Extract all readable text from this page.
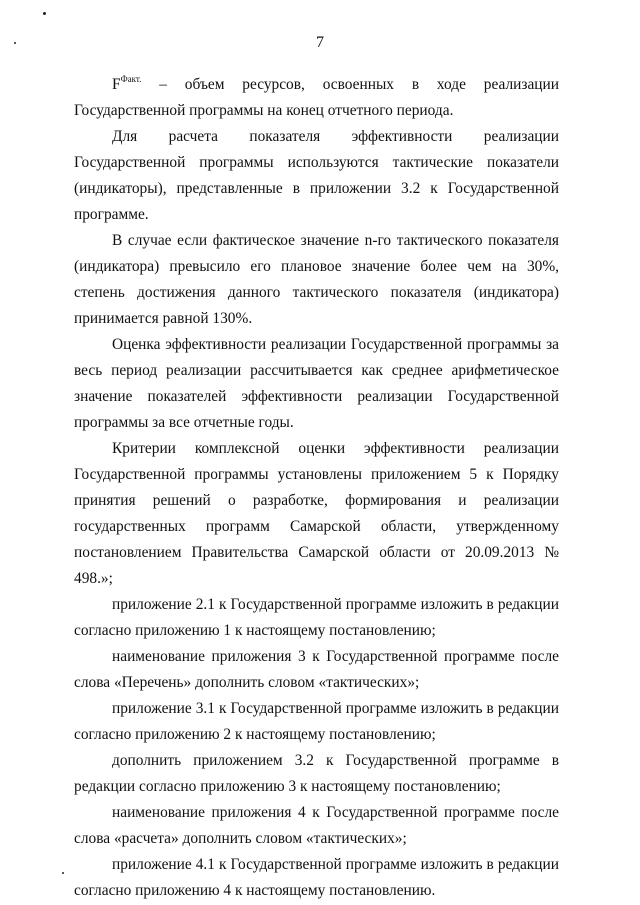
7

$F^{Факт.}$ – объем ресурсов, освоенных в ходе реализации Государственной программы на конец отчетного периода.

Для расчета показателя эффективности реализации Государственной программы используются тактические показатели (индикаторы), представленные в приложении 3.2 к Государственной программе.

В случае если фактическое значение n-го тактического показателя (индикатора) превысило его плановое значение более чем на 30%, степень достижения данного тактического показателя (индикатора) принимается равной 130%.

Оценка эффективности реализации Государственной программы за весь период реализации рассчитывается как среднее арифметическое значение показателей эффективности реализации Государственной программы за все отчетные годы.

Критерии комплексной оценки эффективности реализации Государственной программы установлены приложением 5 к Порядку принятия решений о разработке, формирования и реализации государственных программ Самарской области, утвержденному постановлением Правительства Самарской области от 20.09.2013 № 498.»;

приложение 2.1 к Государственной программе изложить в редакции согласно приложению 1 к настоящему постановлению;

наименование приложения 3 к Государственной программе после слова «Перечень» дополнить словом «тактических»;

приложение 3.1 к Государственной программе изложить в редакции согласно приложению 2 к настоящему постановлению;

дополнить приложением 3.2 к Государственной программе в редакции согласно приложению 3 к настоящему постановлению;

наименование приложения 4 к Государственной программе после слова «расчета» дополнить словом «тактических»;

приложение 4.1 к Государственной программе изложить в редакции согласно приложению 4 к настоящему постановлению.
